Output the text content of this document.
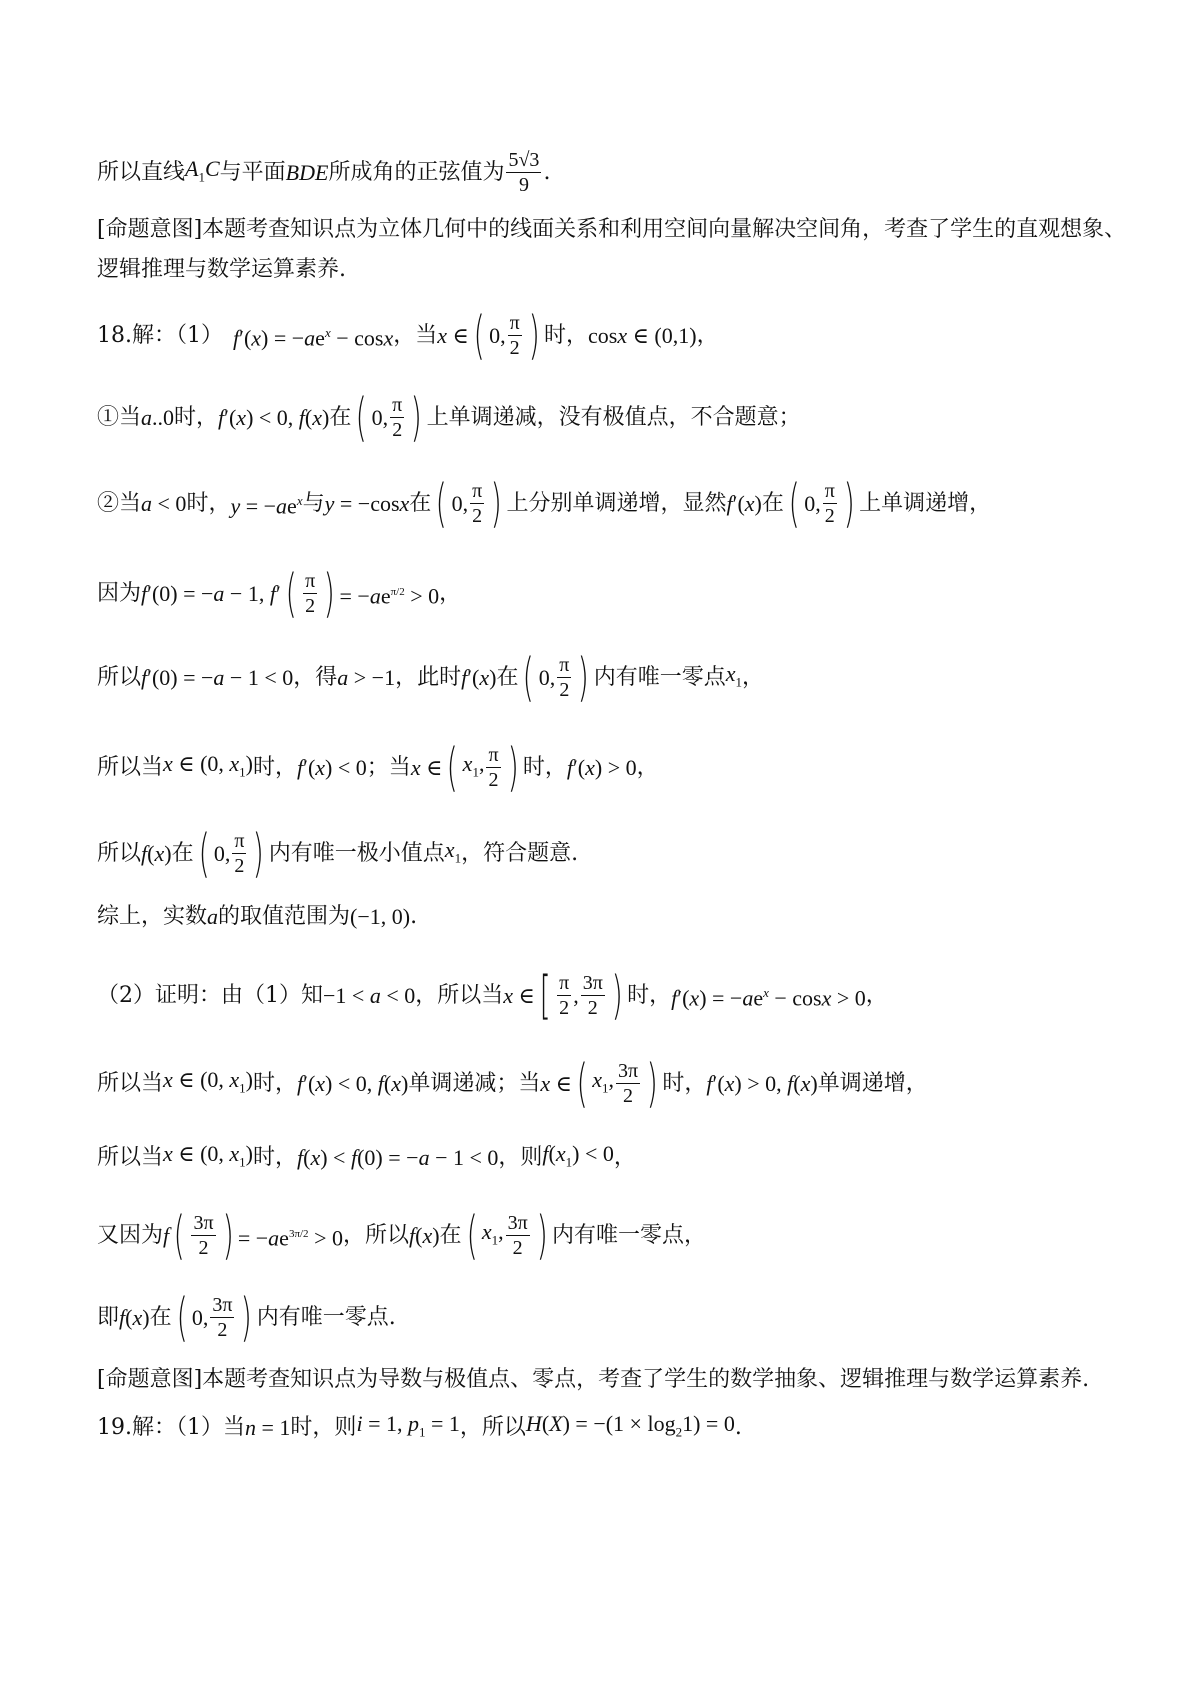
所以直线 $A_1C$ 与平面 BDE 所成角的正弦值为 $\frac{5√3}{9}$ .
[命题意图]本题考查知识点为立体几何中的线面关系和利用空间向量解决空间角，考查了学生的直观想象、逻辑推理与数学运算素养.
18.解：（1） $f'(x) = -ae^x - \cos x$ ， 当 x ∈ ( 0, $\frac{\pi}{2}$ ) 时， cosx ∈ (0,1) ，
①当 a..0 时， f′(x) < 0, f(x) 在 ( 0, $\frac{\pi}{2}$ ) 上单调递减，没有极值点，不合题意；
②当 a < 0 时， $y = -ae^x$ 与 y = −cosx 在 ( 0, $\frac{\pi}{2}$ ) 上分别单调递增，显然 f′(x) 在 ( 0, $\frac{\pi}{2}$ ) 上单调递增，
因为 f′(0) = −a − 1, f′ ( $\frac{\pi}{2}$ ) = $-ae^{\pi/2} > 0$ ，
所以 f′(0) = −a − 1 < 0 ，得 a > −1 ，此时 f′(x) 在 ( 0, $\frac{\pi}{2}$ ) 内有唯一零点 $x_1$ ，
所以当 x ∈ (0, $x_1$) 时， f′(x) < 0 ； 当 x ∈ ( $x_1$, $\frac{\pi}{2}$ ) 时， f′(x) > 0 ，
所以 f(x) 在 ( 0, $\frac{\pi}{2}$ ) 内有唯一极小值点 $x_1$ ，符合题意.
综上，实数 a 的取值范围为 (−1, 0) .
（2）证明：由（1）知 −1 < a < 0 ，所以当 x ∈ [ $\frac{\pi}{2}$ , $\frac{3\pi}{2}$ ) 时， $f'(x) = -ae^x - \cos x > 0$ ，
所以当 x ∈ (0, $x_1$) 时， f′(x) < 0, f(x) 单调递减；当 x ∈ ( $x_1$, $\frac{3\pi}{2}$ ) 时， f′(x) > 0, f(x) 单调递增，
所以当 x ∈ (0, $x_1$) 时， f(x) < f(0) = −a − 1 < 0 ，则 $f(x_1) < 0$ ，
又因为 f ( $\frac{3\pi}{2}$ ) = $-ae^{3\pi/2} > 0$ ，所以 f(x) 在 ( $x_1$, $\frac{3\pi}{2}$ ) 内有唯一零点，
即 f(x) 在 ( 0, $\frac{3\pi}{2}$ ) 内有唯一零点.
[命题意图]本题考查知识点为导数与极值点、零点，考查了学生的数学抽象、逻辑推理与数学运算素养.
19.解：（1）当 n = 1 时，则 i = 1, $p_1 = 1$ ，所以 $H(X) = -(1 \times \log_21) = 0$ .
